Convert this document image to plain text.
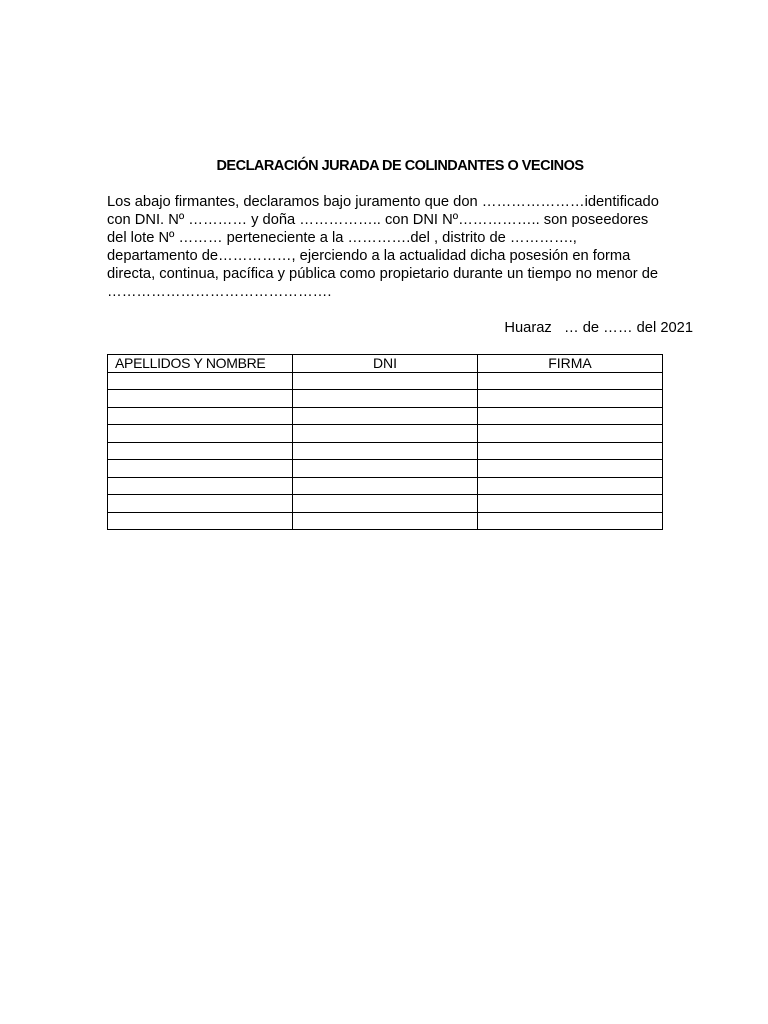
DECLARACIÓN JURADA DE COLINDANTES O VECINOS
Los abajo firmantes, declaramos bajo juramento que don …………………identificado
con DNI. Nº ………… y doña …………….. con DNI Nº…………….. son poseedores
del lote Nº ……… perteneciente a la ………….del , distrito de ………….,
departamento de……………, ejerciendo a la actualidad dicha posesión en forma
directa, continua, pacífica y pública como propietario durante un tiempo no menor de
……………………………………….
Huaraz   … de …… del 2021
APELLIDOS Y NOMBRE	DNI	FIRMA
